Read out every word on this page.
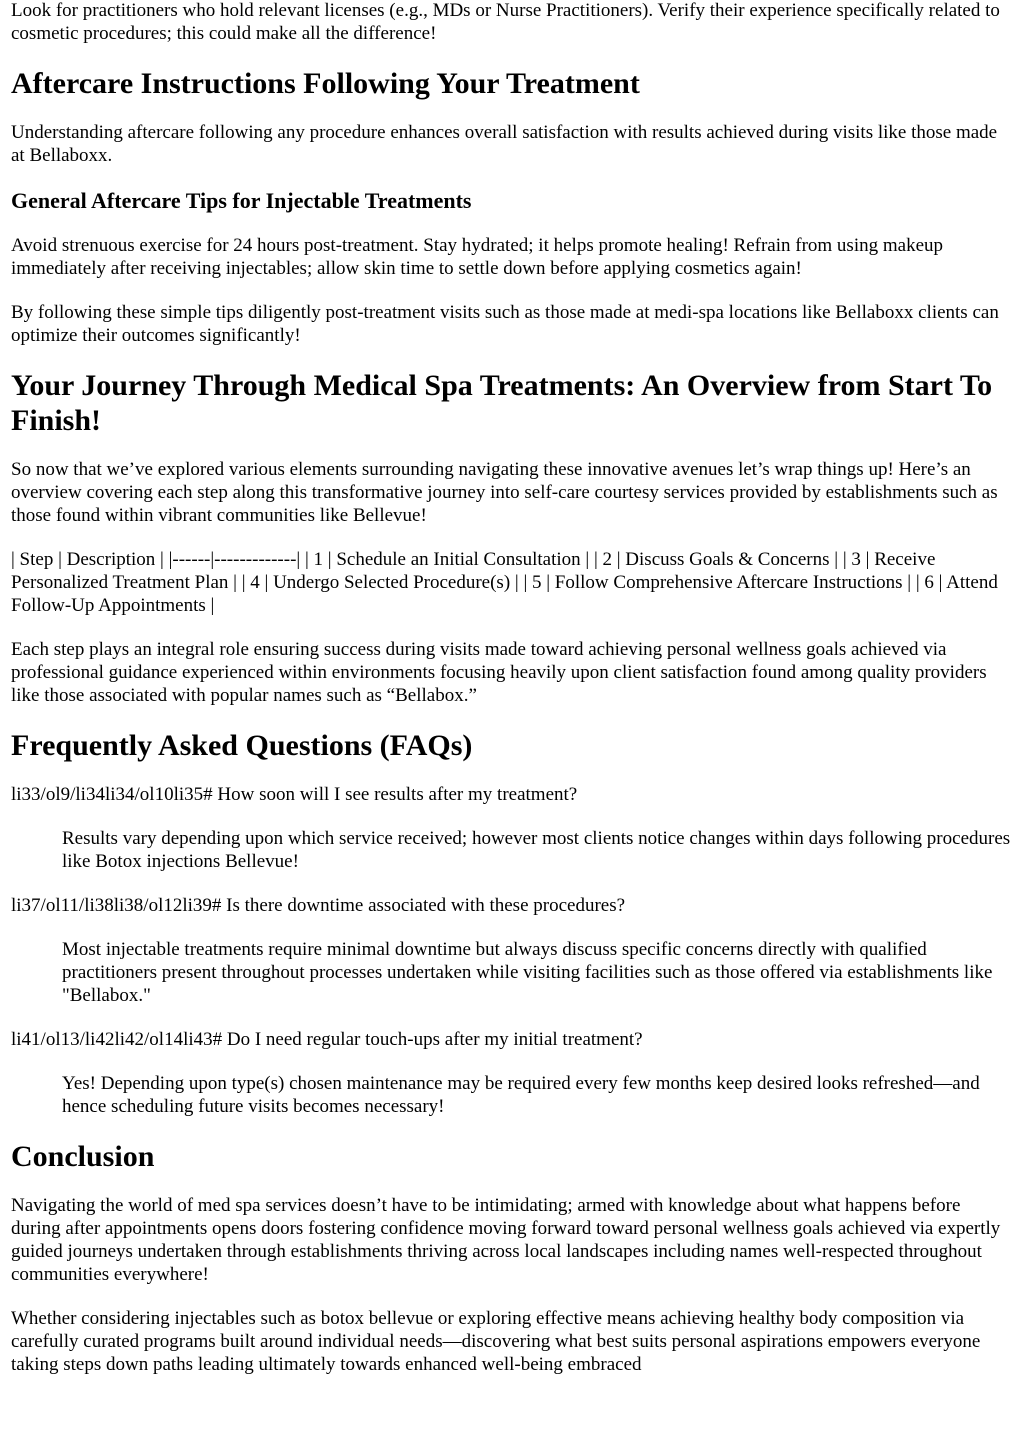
Look for practitioners who hold relevant licenses (e.g., MDs or Nurse Practitioners). Verify their experience specifically related to cosmetic procedures; this could make all the difference!

Aftercare Instructions Following Your Treatment

Understanding aftercare following any procedure enhances overall satisfaction with results achieved during visits like those made at Bellaboxx.

General Aftercare Tips for Injectable Treatments

Avoid strenuous exercise for 24 hours post-treatment. Stay hydrated; it helps promote healing! Refrain from using makeup immediately after receiving injectables; allow skin time to settle down before applying cosmetics again!

By following these simple tips diligently post-treatment visits such as those made at medi-spa locations like Bellaboxx clients can optimize their outcomes significantly!

Your Journey Through Medical Spa Treatments: An Overview from Start To Finish!

So now that we’ve explored various elements surrounding navigating these innovative avenues let’s wrap things up! Here’s an overview covering each step along this transformative journey into self-care courtesy services provided by establishments such as those found within vibrant communities like Bellevue!

| Step | Description | |------|-------------| | 1 | Schedule an Initial Consultation | | 2 | Discuss Goals & Concerns | | 3 | Receive Personalized Treatment Plan | | 4 | Undergo Selected Procedure(s) | | 5 | Follow Comprehensive Aftercare Instructions | | 6 | Attend Follow-Up Appointments |

Each step plays an integral role ensuring success during visits made toward achieving personal wellness goals achieved via professional guidance experienced within environments focusing heavily upon client satisfaction found among quality providers like those associated with popular names such as “Bellabox.”

Frequently Asked Questions (FAQs)

li33/ol9/li34li34/ol10li35# How soon will I see results after my treatment?

Results vary depending upon which service received; however most clients notice changes within days following procedures like Botox injections Bellevue!

li37/ol11/li38li38/ol12li39# Is there downtime associated with these procedures?

Most injectable treatments require minimal downtime but always discuss specific concerns directly with qualified practitioners present throughout processes undertaken while visiting facilities such as those offered via establishments like "Bellabox."

li41/ol13/li42li42/ol14li43# Do I need regular touch-ups after my initial treatment?

Yes! Depending upon type(s) chosen maintenance may be required every few months keep desired looks refreshed—and hence scheduling future visits becomes necessary!

Conclusion

Navigating the world of med spa services doesn’t have to be intimidating; armed with knowledge about what happens before during after appointments opens doors fostering confidence moving forward toward personal wellness goals achieved via expertly guided journeys undertaken through establishments thriving across local landscapes including names well-respected throughout communities everywhere!

Whether considering injectables such as botox bellevue or exploring effective means achieving healthy body composition via carefully curated programs built around individual needs—discovering what best suits personal aspirations empowers everyone taking steps down paths leading ultimately towards enhanced well-being embraced
